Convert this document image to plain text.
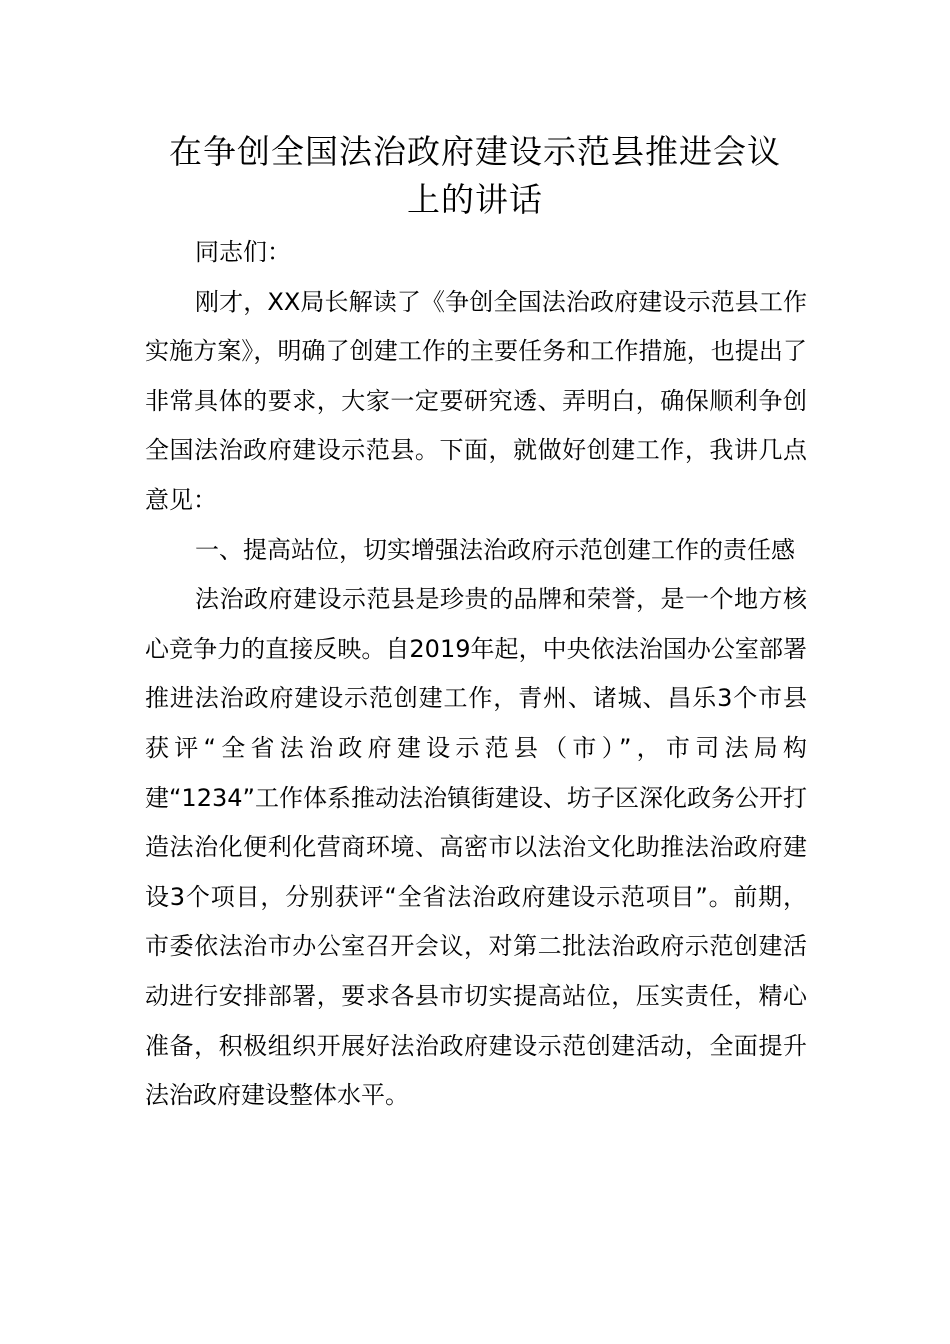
在争创全国法治政府建设示范县推进会议
上的讲话

同志们：

刚才，XX局长解读了《争创全国法治政府建设示范县工作实施方案》，明确了创建工作的主要任务和工作措施，也提出了非常具体的要求，大家一定要研究透、弄明白，确保顺利争创全国法治政府建设示范县。下面，就做好创建工作，我讲几点意见：

一、提高站位，切实增强法治政府示范创建工作的责任感

法治政府建设示范县是珍贵的品牌和荣誉，是一个地方核心竞争力的直接反映。自2019年起，中央依法治国办公室部署推进法治政府建设示范创建工作，青州、诸城、昌乐3个市县获评“全省法治政府建设示范县（市）”，市司法局构建“1234”工作体系推动法治镇街建设、坊子区深化政务公开打造法治化便利化营商环境、高密市以法治文化助推法治政府建设3个项目，分别获评“全省法治政府建设示范项目”。前期，市委依法治市办公室召开会议，对第二批法治政府示范创建活动进行安排部署，要求各县市切实提高站位，压实责任，精心准备，积极组织开展好法治政府建设示范创建活动，全面提升法治政府建设整体水平。
